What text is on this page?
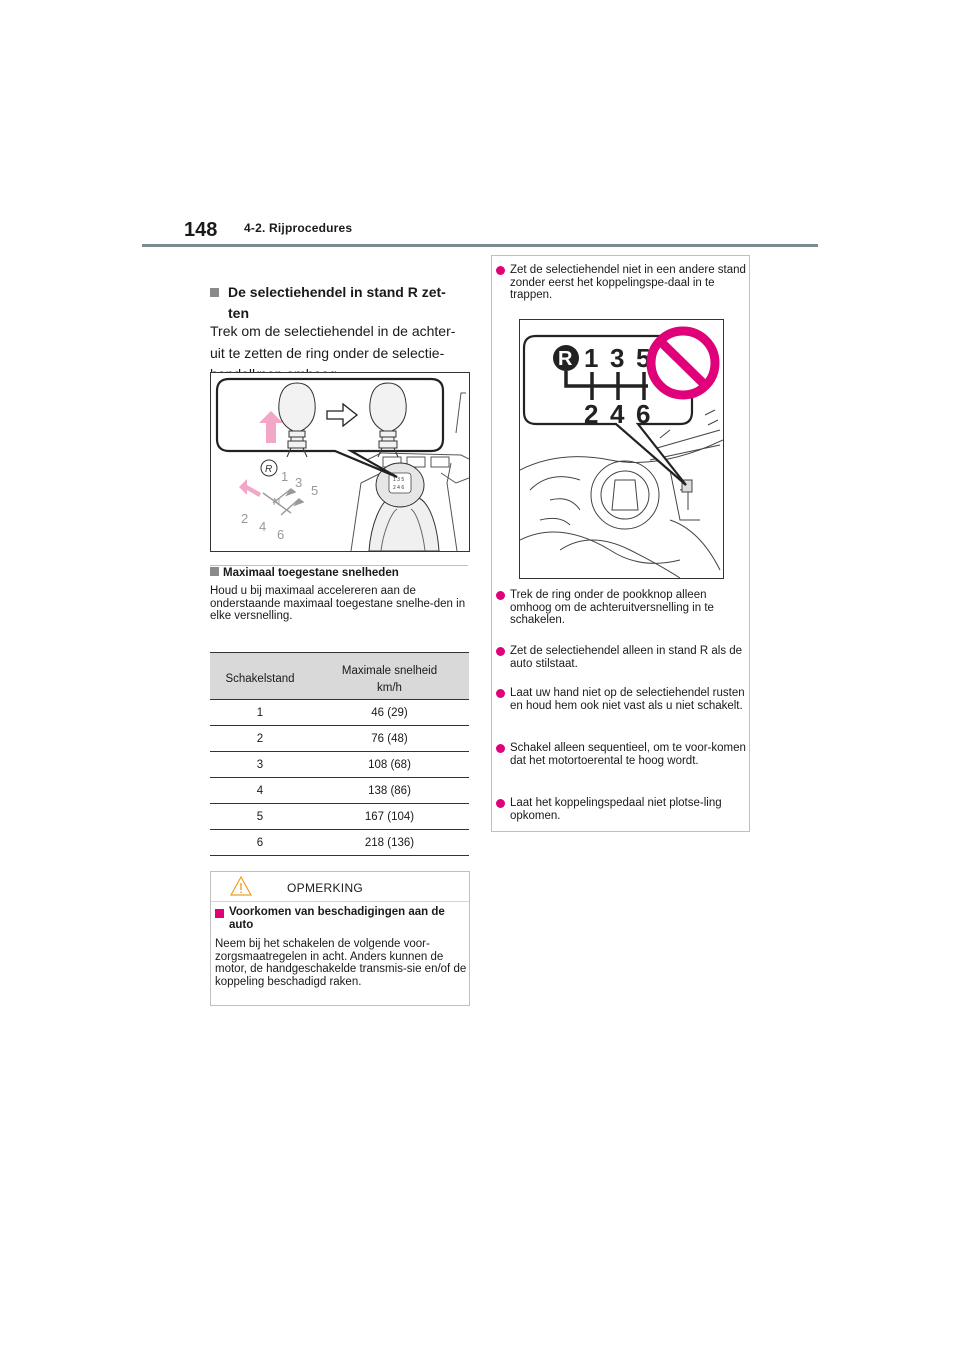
148 4-2. Rijprocedures
De selectiehendel in stand R zet-ten
Trek om de selectiehendel in de achter-uit te zetten de ring onder de selectie-
1 3 5
2 4 6
R 1 3
5
N
2
4
6
Maximaal toegestane snelheden
Houd u bij maximaal accelereren aan de onderstaande maximaal toegestane snelhe-den in elke versnelling.
Schakelstand	Maximale snelheid
km/h

1	46 (29)
2	76 (48)
3	108 (68)
4	138 (86)
5	167 (104)
6	218 (136)
OPMERKING
Voorkomen van beschadigingen aan de auto
Neem bij het schakelen de volgende voor-zorgsmaatregelen in acht. Anders kunnen de motor, de handgeschakelde transmis-sie en/of de koppeling beschadigd raken.
Zet de selectiehendel niet in een andere stand zonder eerst het koppelingspe-daal in te trappen.
R 1 3 5
2 4 6
Trek de ring onder de pookknop alleen omhoog om de achteruitversnelling in te schakelen.
Zet de selectiehendel alleen in stand R als de auto stilstaat.
Laat uw hand niet op de selectiehendel rusten en houd hem ook niet vast als u niet schakelt.
Schakel alleen sequentieel, om te voor-komen dat het motortoerental te hoog wordt.
Laat het koppelingspedaal niet plotse-ling opkomen.
